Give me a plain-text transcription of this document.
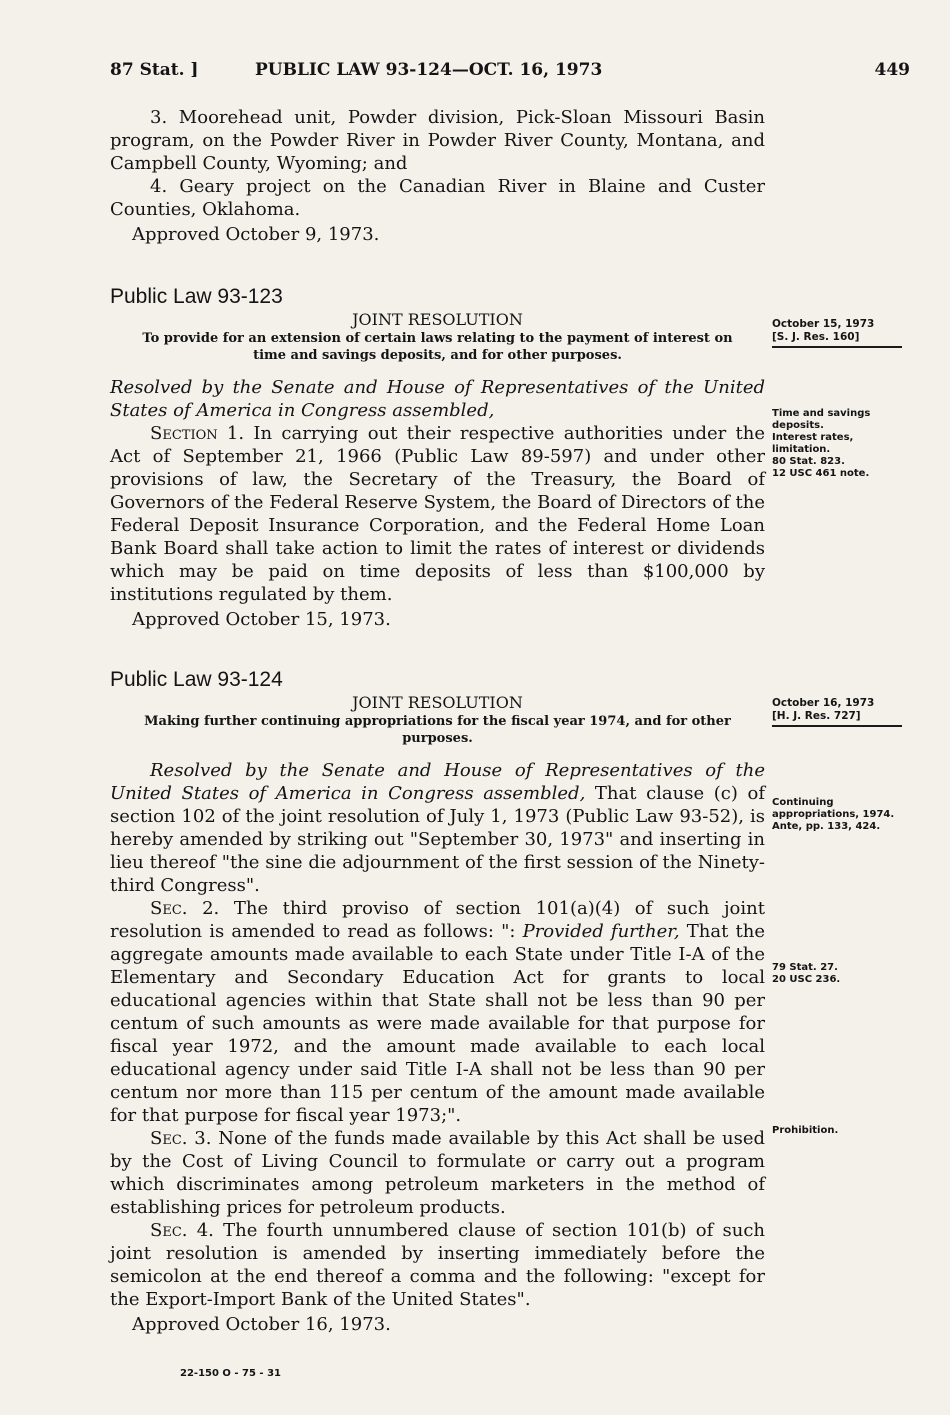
87 Stat. ]	PUBLIC LAW 93-124—OCT. 16, 1973	449

3. Moorehead unit, Powder division, Pick-Sloan Missouri Basin program, on the Powder River in Powder River County, Montana, and Campbell County, Wyoming; and

4. Geary project on the Canadian River in Blaine and Custer Counties, Oklahoma.

Approved October 9, 1973.

Public Law 93-123

JOINT RESOLUTION

To provide for an extension of certain laws relating to the payment of interest on time and savings deposits, and for other purposes.

Resolved by the Senate and House of Representatives of the United States of America in Congress assembled,

Section 1. In carrying out their respective authorities under the Act of September 21, 1966 (Public Law 89-597) and under other provisions of law, the Secretary of the Treasury, the Board of Governors of the Federal Reserve System, the Board of Directors of the Federal Deposit Insurance Corporation, and the Federal Home Loan Bank Board shall take action to limit the rates of interest or dividends which may be paid on time deposits of less than $100,000 by institutions regulated by them.

Approved October 15, 1973.

Public Law 93-124

JOINT RESOLUTION

Making further continuing appropriations for the fiscal year 1974, and for other purposes.

Resolved by the Senate and House of Representatives of the United States of America in Congress assembled, That clause (c) of section 102 of the joint resolution of July 1, 1973 (Public Law 93-52), is hereby amended by striking out "September 30, 1973" and inserting in lieu thereof "the sine die adjournment of the first session of the Ninety-third Congress".

Sec. 2. The third proviso of section 101(a)(4) of such joint resolution is amended to read as follows: ": Provided further, That the aggregate amounts made available to each State under Title I-A of the Elementary and Secondary Education Act for grants to local educational agencies within that State shall not be less than 90 per centum of such amounts as were made available for that purpose for fiscal year 1972, and the amount made available to each local educational agency under said Title I-A shall not be less than 90 per centum nor more than 115 per centum of the amount made available for that purpose for fiscal year 1973;".

Sec. 3. None of the funds made available by this Act shall be used by the Cost of Living Council to formulate or carry out a program which discriminates among petroleum marketers in the method of establishing prices for petroleum products.

Sec. 4. The fourth unnumbered clause of section 101(b) of such joint resolution is amended by inserting immediately before the semicolon at the end thereof a comma and the following: "except for the Export-Import Bank of the United States".

Approved October 16, 1973.

October 15, 1973
[S. J. Res. 160]
Time and savings deposits.
Interest rates, limitation.
80 Stat. 823.
12 USC 461 note.
October 16, 1973
[H. J. Res. 727]
Continuing appropriations, 1974.
Ante, pp. 133, 424.
79 Stat. 27.
20 USC 236.
Prohibition.
22-150 O - 75 - 31
